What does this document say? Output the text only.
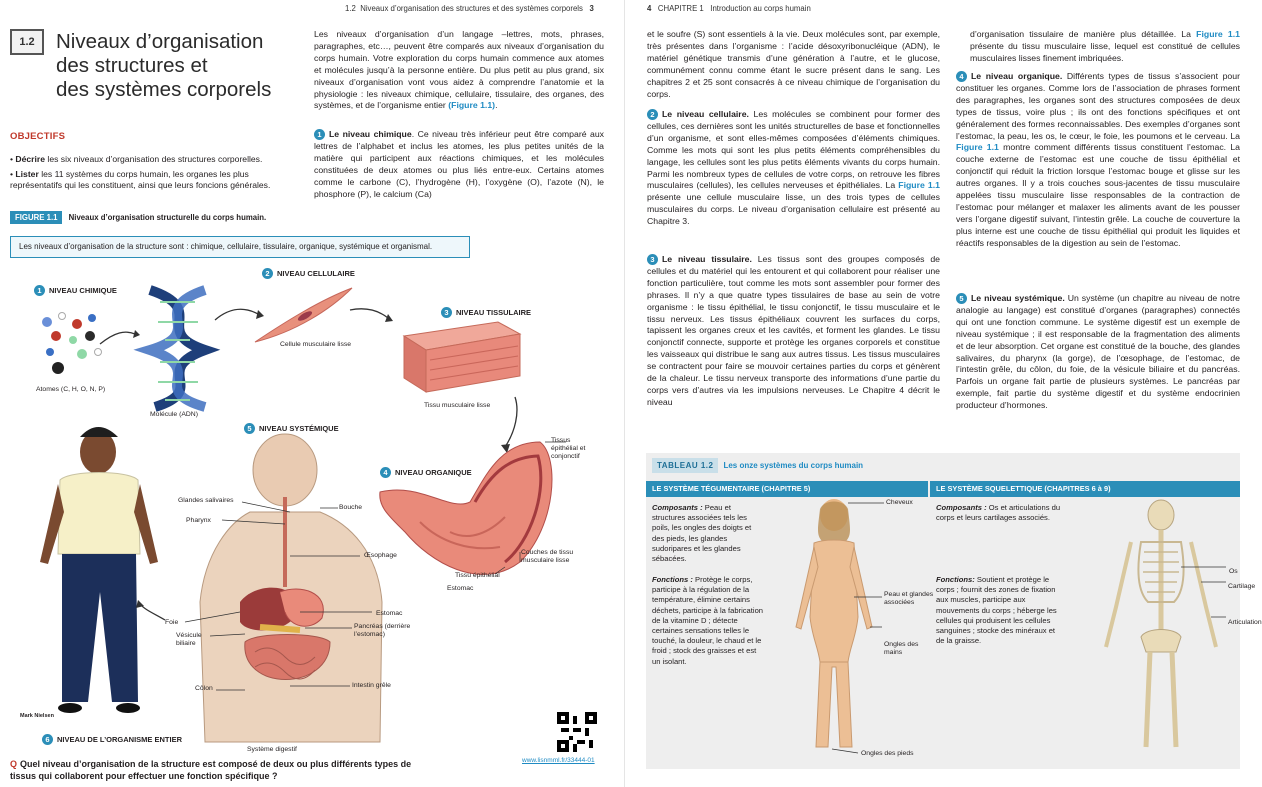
1.2 Niveaux d’organisation des structures et des systèmes corporels 3
1.2	Niveaux d’organisation
des structures et
des systèmes corporels
OBJECTIFS

• Décrire les six niveaux d’organisation des structures corporelles.

• Lister les 11 systèmes du corps humain, les organes les plus représentatifs qui les constituent, ainsi que leurs foncions générales.

Les niveaux d’organisation d’un langage –lettres, mots, phrases, paragraphes, etc…, peuvent être comparés aux niveaux d’organisation du corps humain. Votre exploration du corps humain commence aux atomes et molécules jusqu’à la personne entière. Du plus petit au plus grand, six niveaux d’organisation vont vous aidez à comprendre l’anatomie et la physiologie : les niveaux chimique, cellulaire, tissulaire, des organes, des systèmes, et de l’organisme entier (Figure 1.1).
1 Le niveau chimique. Ce niveau très inférieur peut être comparé aux lettres de l’alphabet et inclus les atomes, les plus petites unités de la matière qui participent aux réactions chimiques, et les molécules constituées de deux atomes ou plus liés entre-eux. Certains atomes comme le carbone (C), l’hydrogène (H), l’oxygène (O), l’azote (N), le phosphore (P), le calcium (Ca)
FIGURE 1.1 Niveaux d’organisation structurelle du corps humain.
Les niveaux d’organisation de la structure sont : chimique, cellulaire, tissulaire, organique, systémique et organismal.
1 NIVEAU CHIMIQUE
2 NIVEAU CELLULAIRE
3 NIVEAU TISSULAIRE
4 NIVEAU ORGANIQUE
5 NIVEAU SYSTÉMIQUE
6 NIVEAU DE L’ORGANISME ENTIER
Atomes (C, H, O, N, P)
Molécule (ADN)
Cellule musculaire lisse
Tissu musculaire lisse
Tissus épithélial et conjonctif
Couches de tissu musculaire lisse
Tissu épithélial
Estomac
Glandes salivaires
Pharynx
Bouche
Œsophage
Foie
Vésicule biliaire
Estomac
Pancréas (derrière l’estomac)
Côlon	Intestin grêle
Système digestif
Mark Nielsen
www.lisnmml.fr/33444-01
Q Quel niveau d’organisation de la structure est composé de deux ou plus différents types de tissus qui collaborent pour effectuer une fonction spécifique ?
4 CHAPITRE 1 Introduction au corps humain
et le soufre (S) sont essentiels à la vie. Deux molécules sont, par exemple, très présentes dans l’organisme : l’acide désoxyribonucléique (ADN), le matériel génétique transmis d’une génération à l’autre, et le glucose, communément connu comme étant le sucre présent dans le sang. Les chapitres 2 et 25 sont consacrés à ce niveau chimique de l’organisation du corps.
2 Le niveau cellulaire. Les molécules se combinent pour former des cellules, ces dernières sont les unités structurelles de base et fonctionnelles d’un organisme, et sont elles-mêmes composées d’éléments chimiques. Comme les mots qui sont les plus petits éléments compréhensibles du langage, les cellules sont les plus petits éléments vivants du corps humain. Parmi les nombreux types de cellules de votre corps, on retrouve les fibres musculaires (cellules), les cellules nerveuses et épithéliales. La Figure 1.1 présente une cellule musculaire lisse, un des trois types de cellules musculaires du corps. Le niveau d’organisation cellulaire est présenté au Chapitre 3.
3 Le niveau tissulaire. Les tissus sont des groupes composés de cellules et du matériel qui les entourent et qui collaborent pour réaliser une fonction particulière, tout comme les mots sont assembler pour former des phrases. Il n’y a que quatre types tissulaires de base au sein de votre organisme : le tissu épithélial, le tissu conjonctif, le tissu musculaire et le tissu nerveux. Les tissus épithéliaux couvrent les surfaces du corps, tapissent les organes creux et les cavités, et forment les glandes. Le tissu conjonctif connecte, supporte et protège les organes corporels et constitue les vaisseaux qui distribue le sang aux autres tissus. Les tissus musculaires se contractent pour faire se mouvoir certaines parties du corps et génèrent de la chaleur. Le tissu nerveux transporte des informations d’une partie du corps vers d’autres via les impulsions nerveuses. Le Chapitre 4 décrit le niveau
d’organisation tissulaire de manière plus détaillée. La Figure 1.1 présente du tissu musculaire lisse, lequel est constitué de cellules musculaires lisses finement imbriquées.
4 Le niveau organique. Différents types de tissus s’associent pour constituer les organes. Comme lors de l’association de phrases forment des paragraphes, les organes sont des structures composées de deux types de tissus, voire plus ; ils ont des fonctions spécifiques et ont généralement des formes reconnaissables. Des exemples d’organes sont l’estomac, la peau, les os, le cœur, le foie, les poumons et le cerveau. La Figure 1.1 montre comment différents tissus constituent l’estomac. La couche externe de l’estomac est une couche de tissu épithélial et conjonctif qui réduit la friction lorsque l’estomac bouge et glisse sur les autres organes. Il y a trois couches sous-jacentes de tissu musculaire appelées tissu musculaire lisse responsables de la contraction de l’estomac pour mélanger et malaxer les aliments avant de les pousser vers l’organe digestif suivant, l’intestin grêle. La couche de couverture la plus interne est une couche de tissu épithélial qui produit les liquides et réactifs responsables de la digestion au sein de l’estomac.
5 Le niveau systémique. Un système (un chapitre au niveau de notre analogie au langage) est constitué d’organes (paragraphes) connectés qui ont une fonction commune. Le système digestif est un exemple de niveau systémique ; il est responsable de la fragmentation des aliments et de leur absorption. Cet organe est constitué de la bouche, des glandes salivaires, du pharynx (la gorge), de l’œsophage, de l’estomac, de l’intestin grêle, du côlon, du foie, de la vésicule biliaire et du pancréas. Parfois un organe fait partie de plusieurs systèmes. Le pancréas par exemple, fait partie du système digestif et du système endocrinien producteur d’hormones.
TABLEAU 1.2 Les onze systèmes du corps humain
LE SYSTÈME TÉGUMENTAIRE (CHAPITRE 5)	LE SYSTÈME SQUELETTIQUE (CHAPITRES 6 à 9)
Composants : Peau et structures associées tels les poils, les ongles des doigts et des pieds, les glandes sudoripares et les glandes sébacées.
Fonctions : Protège le corps, participe à la régulation de la température, élimine certains déchets, participe à la fabrication de la vitamine D ; détecte certaines sensations telles le touché, la douleur, le chaud et le froid ; stock des graisses et est un isolant.
Composants : Os et articulations du corps et leurs cartilages associés.
Fonctions: Soutient et protège le corps ; fournit des zones de fixation aux muscles, participe aux mouvements du corps ; héberge les cellules qui produisent les cellules sanguines ; stocke des minéraux et de la graisse.
Cheveux
Peau et glandes associées
Ongles des mains
Ongles des pieds
Os
Cartilage
Articulation
